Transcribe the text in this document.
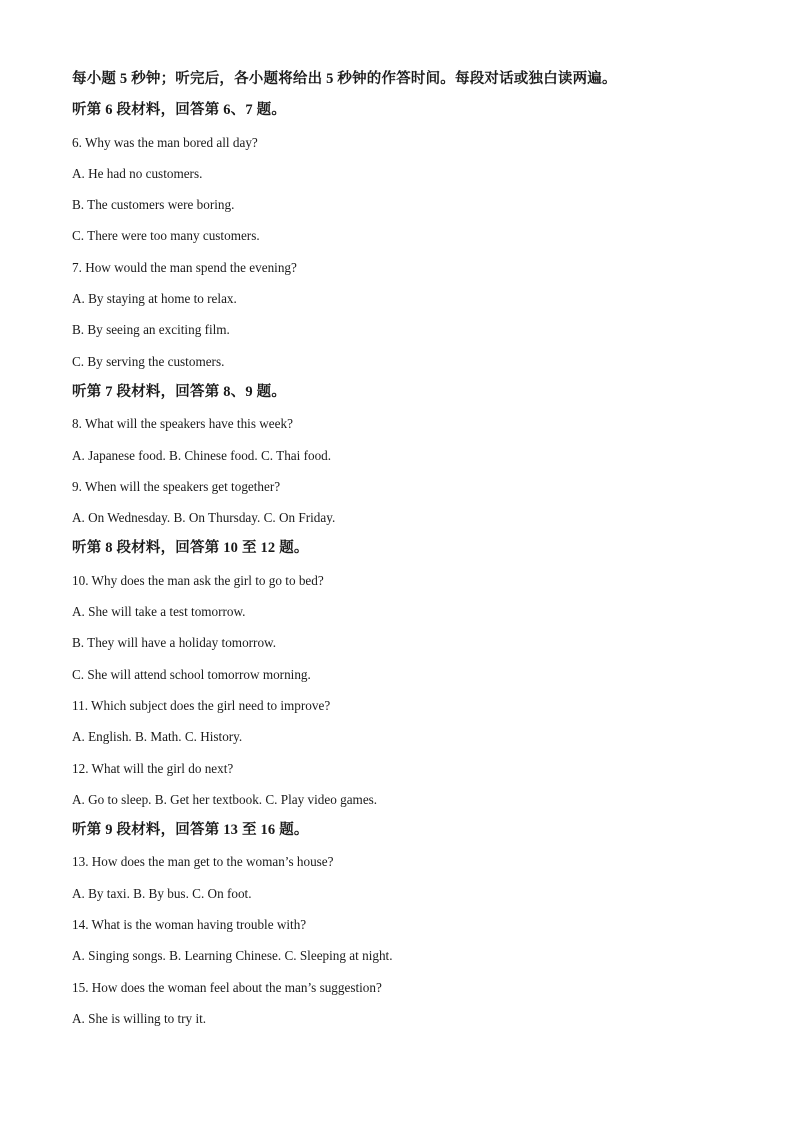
每小题 5 秒钟；听完后，各小题将给出 5 秒钟的作答时间。每段对话或独白读两遍。
听第 6 段材料，回答第 6、7 题。
6. Why was the man bored all day?
A. He had no customers.
B. The customers were boring.
C. There were too many customers.
7. How would the man spend the evening?
A. By staying at home to relax.
B. By seeing an exciting film.
C. By serving the customers.
听第 7 段材料，回答第 8、9 题。
8. What will the speakers have this week?
A. Japanese food. B. Chinese food. C. Thai food.
9. When will the speakers get together?
A. On Wednesday. B. On Thursday. C. On Friday.
听第 8 段材料，回答第 10 至 12 题。
10. Why does the man ask the girl to go to bed?
A. She will take a test tomorrow.
B. They will have a holiday tomorrow.
C. She will attend school tomorrow morning.
11. Which subject does the girl need to improve?
A. English. B. Math. C. History.
12. What will the girl do next?
A. Go to sleep. B. Get her textbook. C. Play video games.
听第 9 段材料，回答第 13 至 16 题。
13. How does the man get to the woman’s house?
A. By taxi. B. By bus. C. On foot.
14. What is the woman having trouble with?
A. Singing songs. B. Learning Chinese. C. Sleeping at night.
15. How does the woman feel about the man’s suggestion?
A. She is willing to try it.
